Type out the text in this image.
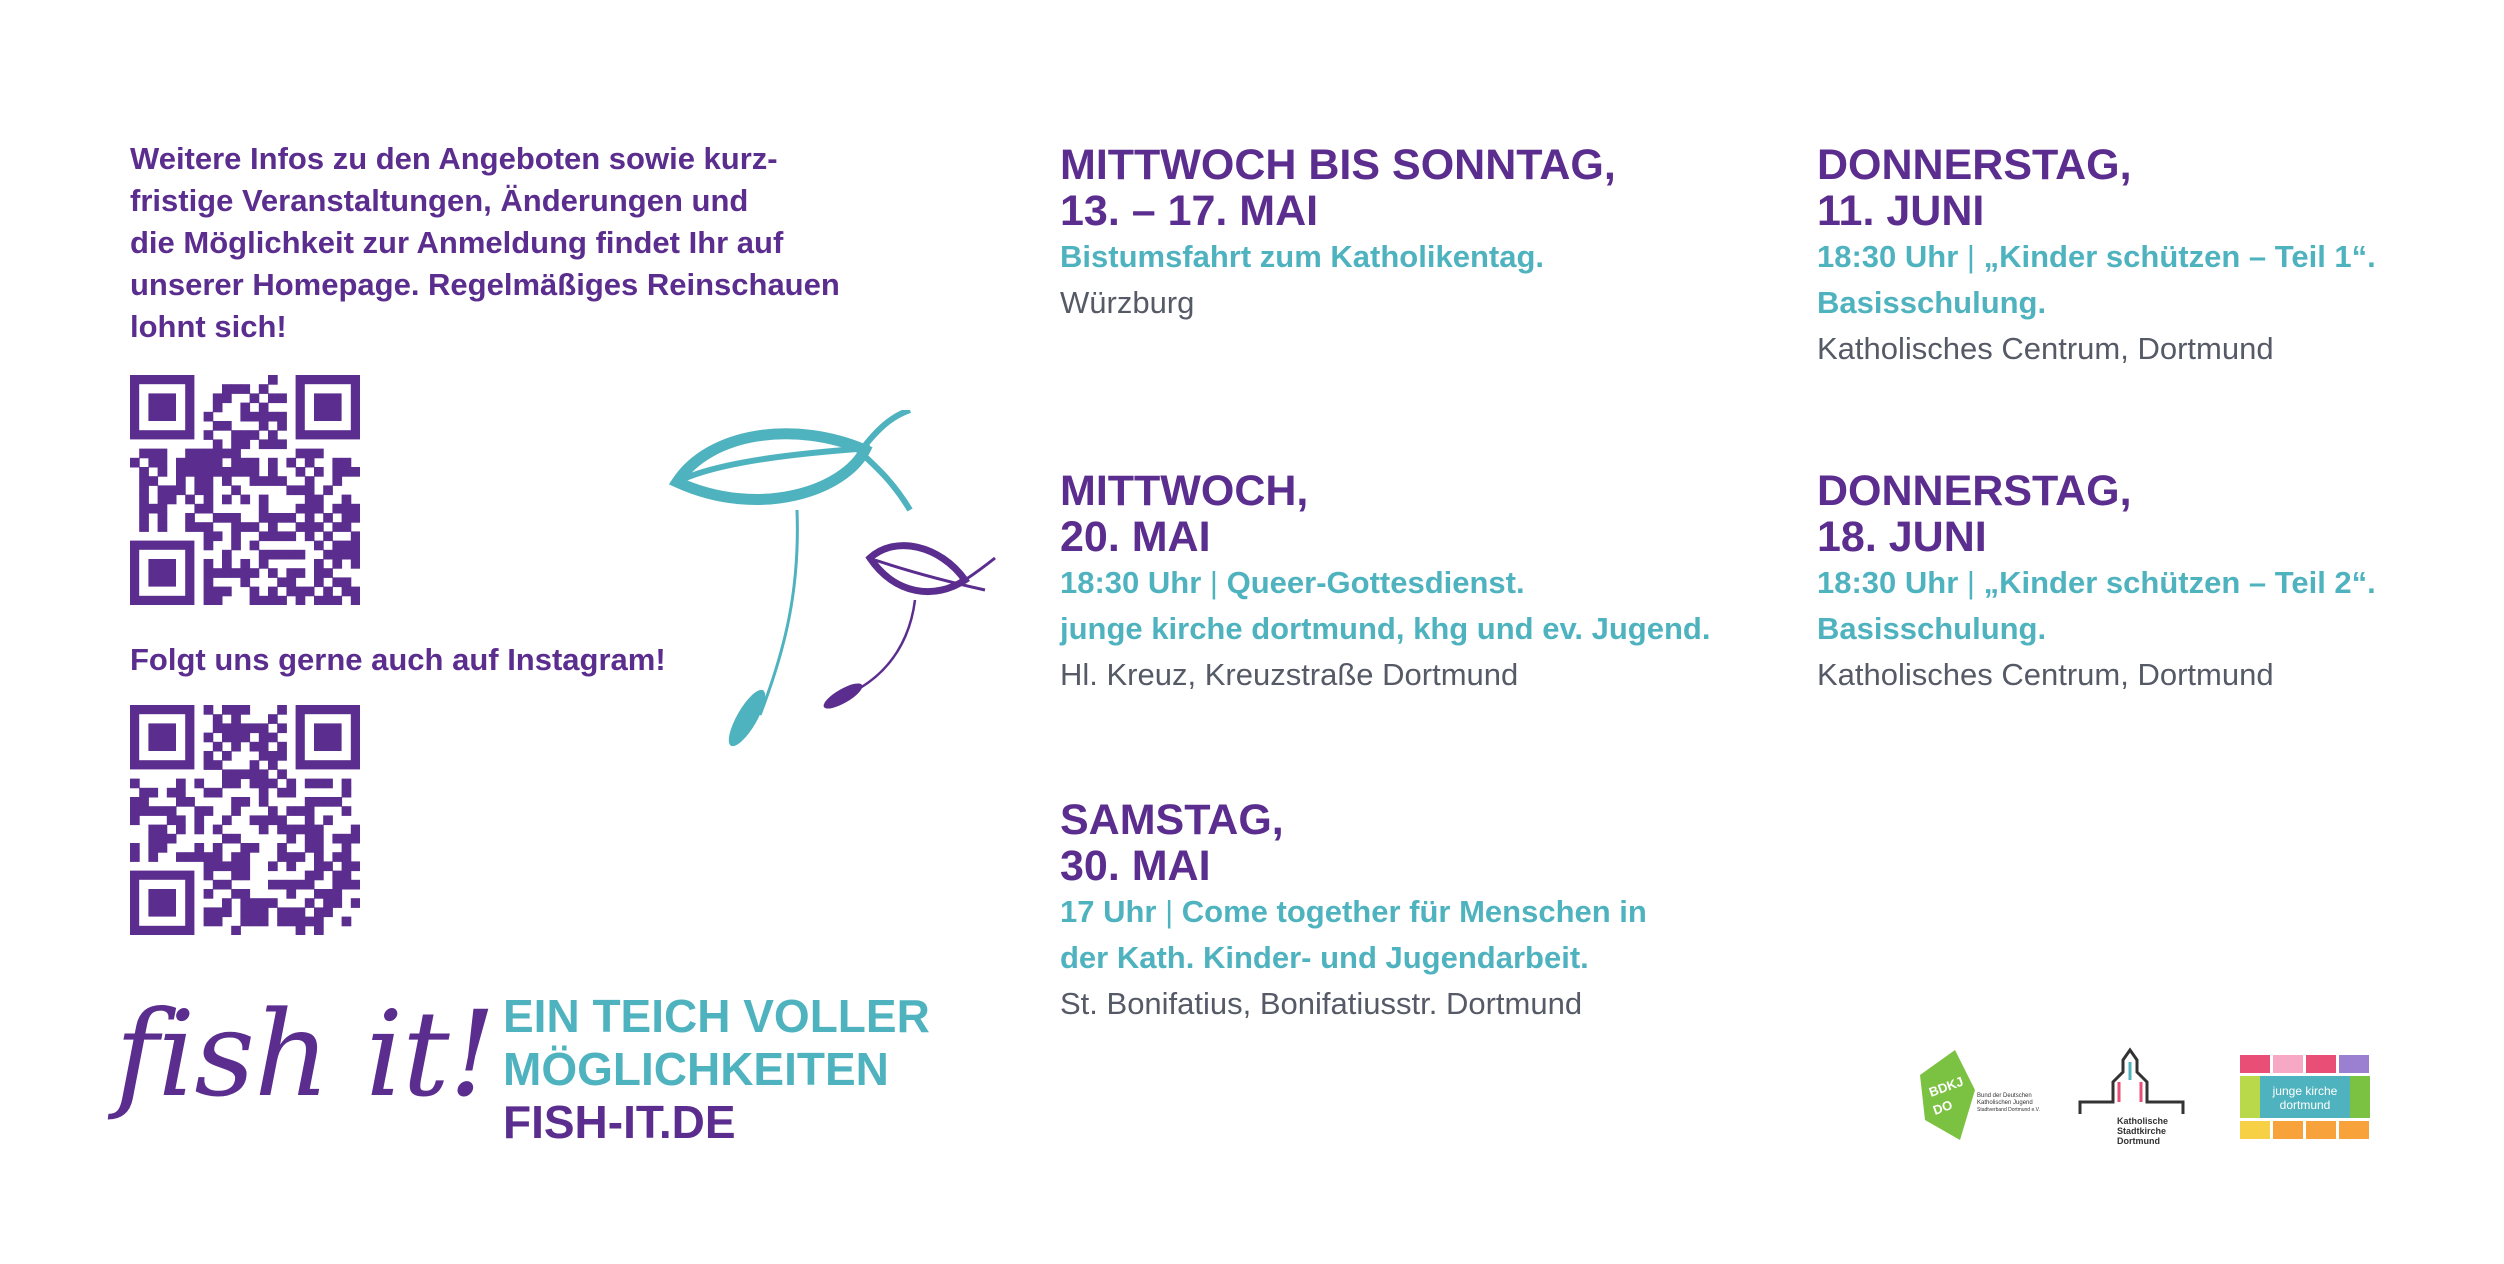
Weitere Infos zu den Angeboten sowie kurz-
fristige Veranstaltungen, Änderungen und
die Möglichkeit zur Anmeldung findet Ihr auf
unserer Homepage. Regelmäßiges Reinschauen
lohnt sich!
Folgt uns gerne auch auf Instagram!
fish it! EIN TEICH VOLLER
MÖGLICHKEITEN
FISH-IT.DE
MITTWOCH BIS SONNTAG,
13. – 17. MAI
Bistumsfahrt zum Katholikentag.
Würzburg
MITTWOCH,
20. MAI
18:30 Uhr | Queer-Gottesdienst.
junge kirche dortmund, khg und ev. Jugend.
Hl. Kreuz, Kreuzstraße Dortmund
SAMSTAG,
30. MAI
17 Uhr | Come together für Menschen in
der Kath. Kinder- und Jugendarbeit.
St. Bonifatius, Bonifatiusstr. Dortmund
DONNERSTAG,
11. JUNI
18:30 Uhr | „Kinder schützen – Teil 1“.
Basisschulung.
Katholisches Centrum, Dortmund
DONNERSTAG,
18. JUNI
18:30 Uhr | „Kinder schützen – Teil 2“.
Basisschulung.
Katholisches Centrum, Dortmund
BDKJ
DO
Bund der Deutschen
Katholischen Jugend
Stadtverband Dortmund e.V.
Katholische
Stadtkirche
Dortmund
junge kirche
dortmund
